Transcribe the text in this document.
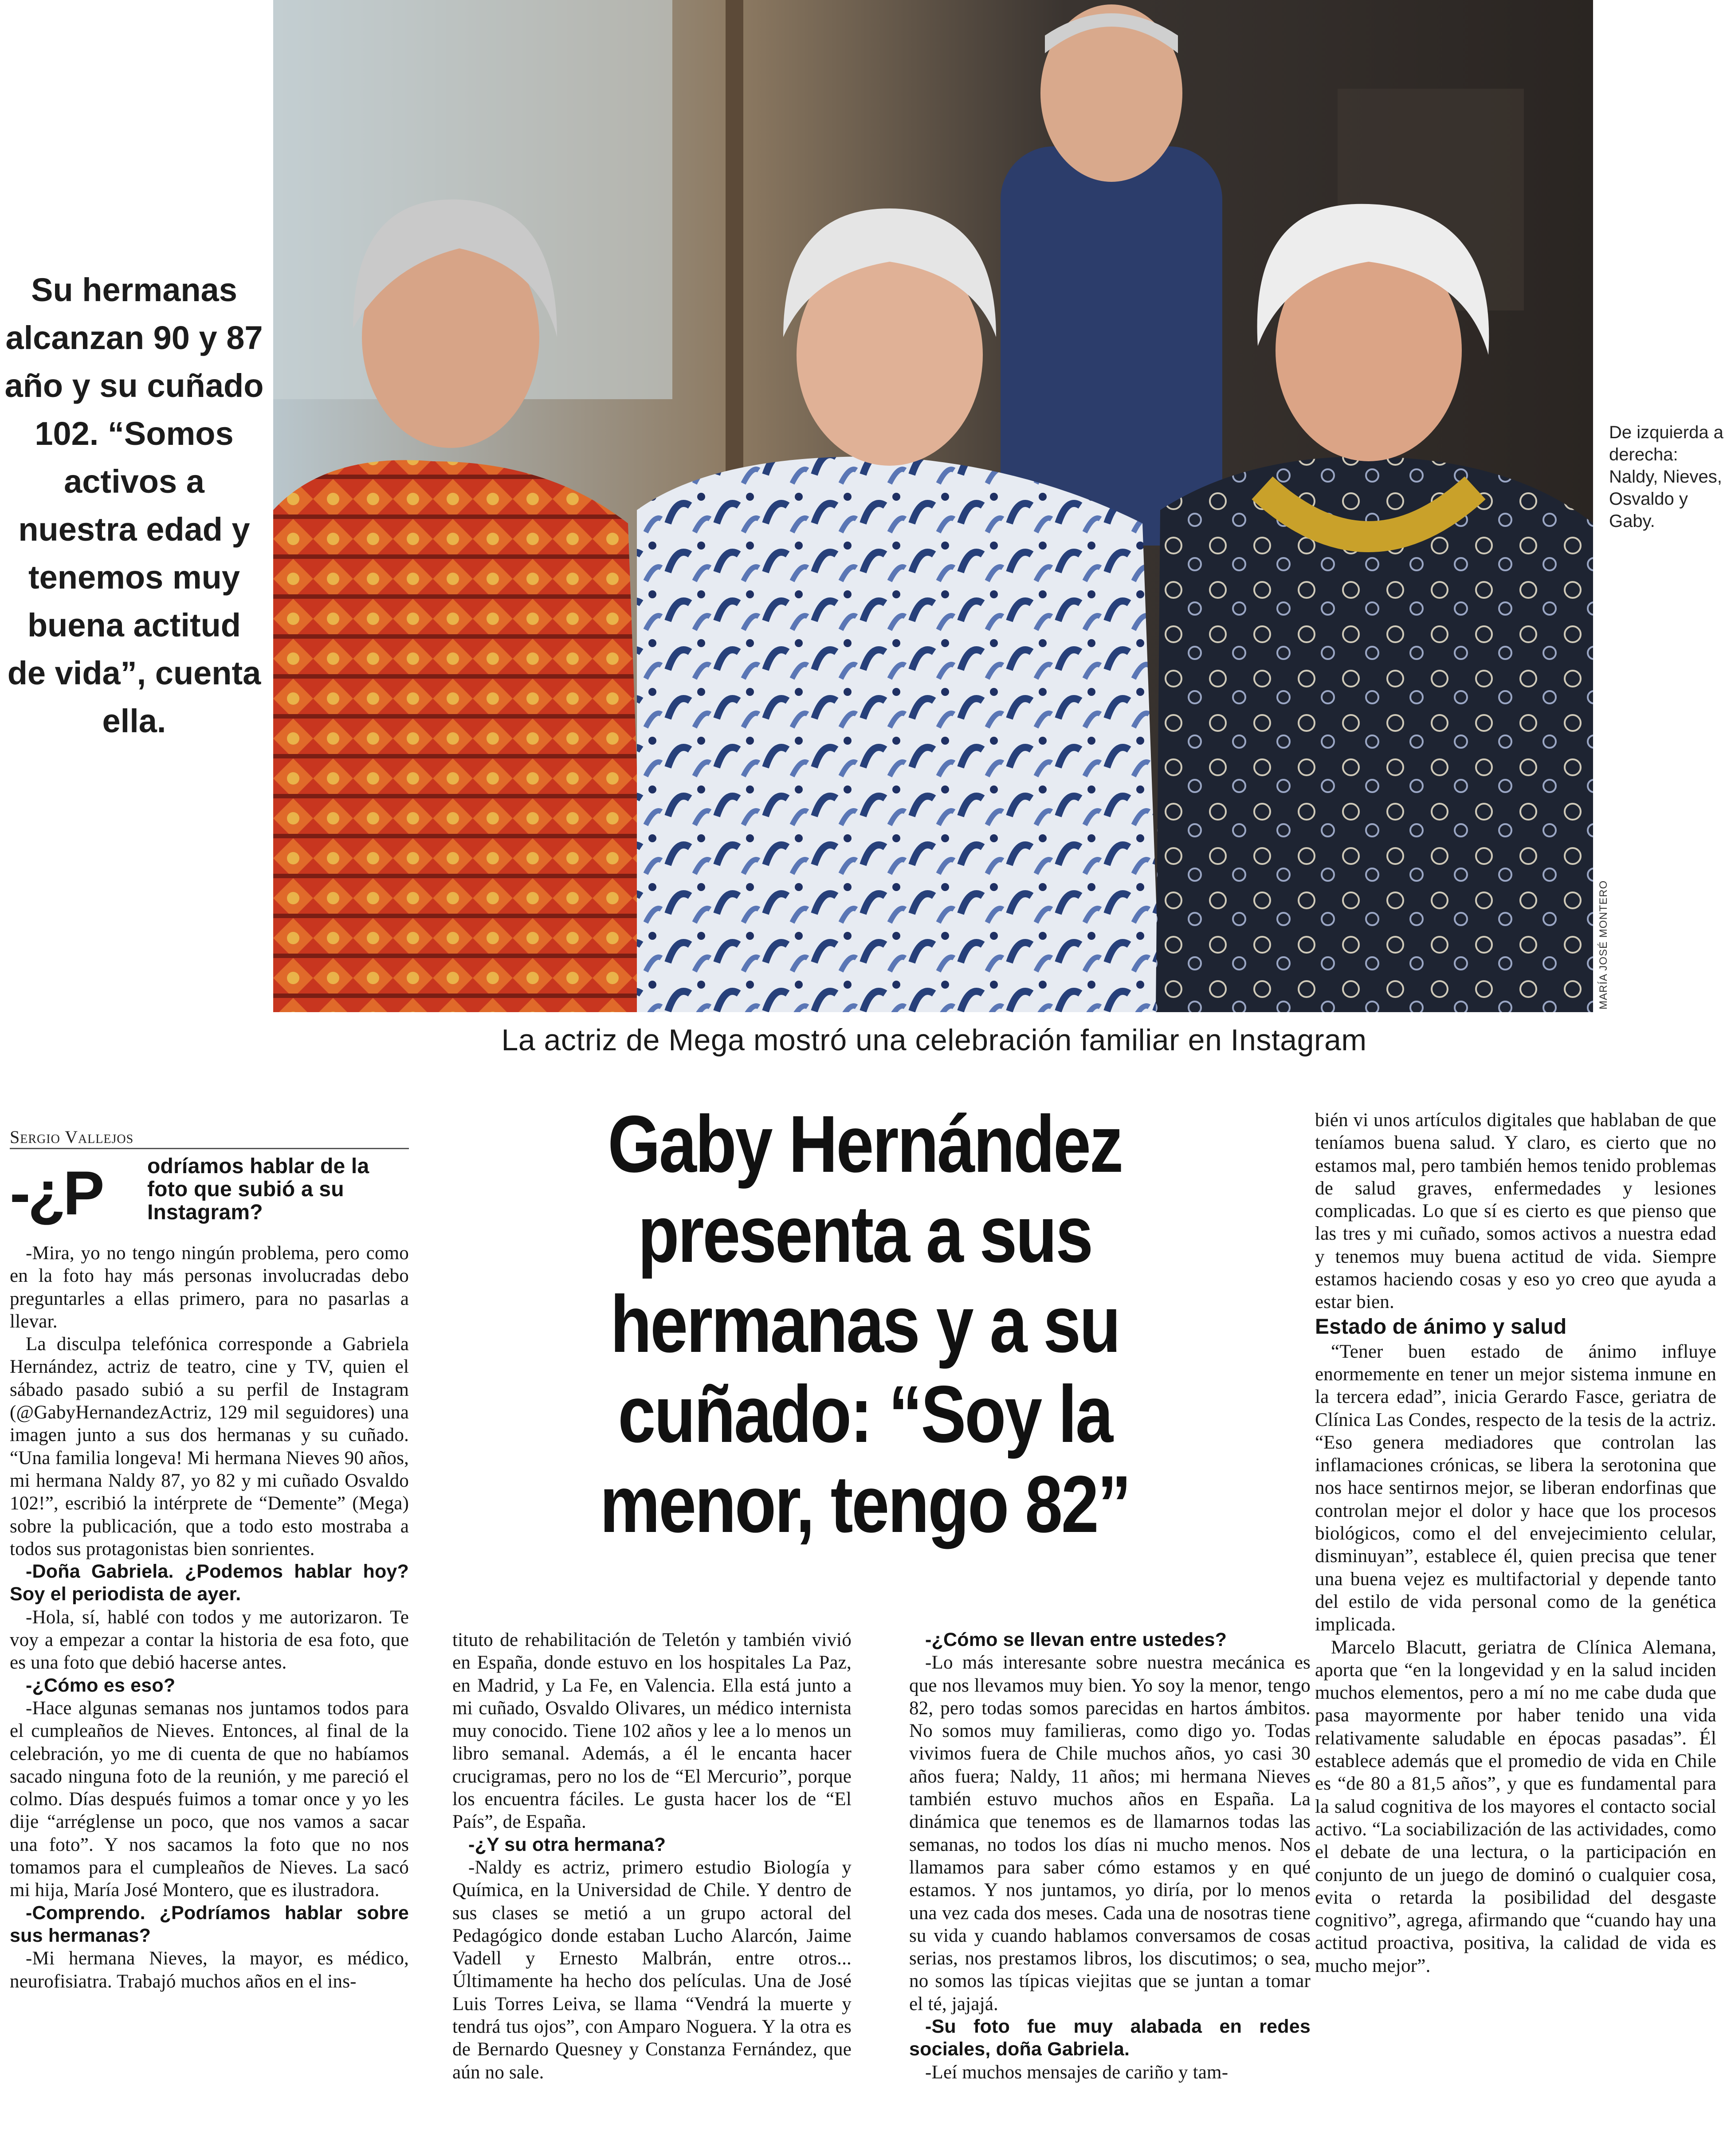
MARÍA JOSÉ MONTERO
Su hermanas alcanzan 90 y 87 año y su cuñado 102. “Somos activos a nuestra edad y tenemos muy buena actitud de vida”, cuenta ella.
De izquierda a derecha: Naldy, Nieves, Osvaldo y Gaby.
La actriz de Mega mostró una celebración familiar en Instagram
Sergio Vallejos	Gaby Hernández presenta a sus hermanas y a su cuñado: “Soy la menor, tengo 82”
-¿P odríamos hablar de la foto que subió a su Instagram?

-Mira, yo no tengo ningún problema, pero como en la foto hay más personas involucradas debo preguntarles a ellas primero, para no pasarlas a llevar.

La disculpa telefónica corresponde a Gabriela Hernández, actriz de teatro, cine y TV, quien el sábado pasado subió a su perfil de Instagram (@GabyHernandezActriz, 129 mil seguidores) una imagen junto a sus dos hermanas y su cuñado. “Una familia longeva! Mi hermana Nieves 90 años, mi hermana Naldy 87, yo 82 y mi cuñado Osvaldo 102!”, escribió la intérprete de “Demente” (Mega) sobre la publicación, que a todo esto mostraba a todos sus protagonistas bien sonrientes.

-Doña Gabriela. ¿Podemos hablar hoy? Soy el periodista de ayer.

-Hola, sí, hablé con todos y me autorizaron. Te voy a empezar a contar la historia de esa foto, que es una foto que debió hacerse antes.

-¿Cómo es eso?

-Hace algunas semanas nos juntamos todos para el cumpleaños de Nieves. Entonces, al final de la celebración, yo me di cuenta de que no habíamos sacado ninguna foto de la reunión, y me pareció el colmo. Días después fuimos a tomar once y yo les dije “arréglense un poco, que nos vamos a sacar una foto”. Y nos sacamos la foto que no nos tomamos para el cumpleaños de Nieves. La sacó mi hija, María José Montero, que es ilustradora.

-Comprendo. ¿Podríamos hablar sobre sus hermanas?

-Mi hermana Nieves, la mayor, es médico, neurofisiatra. Trabajó muchos años en el ins-

tituto de rehabilitación de Teletón y también vivió en España, donde estuvo en los hospitales La Paz, en Madrid, y La Fe, en Valencia. Ella está junto a mi cuñado, Osvaldo Olivares, un médico internista muy conocido. Tiene 102 años y lee a lo menos un libro semanal. Además, a él le encanta hacer crucigramas, pero no los de “El Mercurio”, porque los encuentra fáciles. Le gusta hacer los de “El País”, de España.

-¿Y su otra hermana?

-Naldy es actriz, primero estudio Biología y Química, en la Universidad de Chile. Y dentro de sus clases se metió a un grupo actoral del Pedagógico donde estaban Lucho Alarcón, Jaime Vadell y Ernesto Malbrán, entre otros... Últimamente ha hecho dos películas. Una de José Luis Torres Leiva, se llama “Vendrá la muerte y tendrá tus ojos”, con Amparo Noguera. Y la otra es de Bernardo Quesney y Constanza Fernández, que aún no sale.

-¿Cómo se llevan entre ustedes?

-Lo más interesante sobre nuestra mecánica es que nos llevamos muy bien. Yo soy la menor, tengo 82, pero todas somos parecidas en hartos ámbitos. No somos muy familieras, como digo yo. Todas vivimos fuera de Chile muchos años, yo casi 30 años fuera; Naldy, 11 años; mi hermana Nieves también estuvo muchos años en España. La dinámica que tenemos es de llamarnos todas las semanas, no todos los días ni mucho menos. Nos llamamos para saber cómo estamos y en qué estamos. Y nos juntamos, yo diría, por lo menos una vez cada dos meses. Cada una de nosotras tiene su vida y cuando hablamos conversamos de cosas serias, nos prestamos libros, los discutimos; o sea, no somos las típicas viejitas que se juntan a tomar el té, jajajá.

-Su foto fue muy alabada en redes sociales, doña Gabriela.

-Leí muchos mensajes de cariño y tam-

bién vi unos artículos digitales que hablaban de que teníamos buena salud. Y claro, es cierto que no estamos mal, pero también hemos tenido problemas de salud graves, enfermedades y lesiones complicadas. Lo que sí es cierto es que pienso que las tres y mi cuñado, somos activos a nuestra edad y tenemos muy buena actitud de vida. Siempre estamos haciendo cosas y eso yo creo que ayuda a estar bien.

Estado de ánimo y salud

“Tener buen estado de ánimo influye enormemente en tener un mejor sistema inmune en la tercera edad”, inicia Gerardo Fasce, geriatra de Clínica Las Condes, respecto de la tesis de la actriz. “Eso genera mediadores que controlan las inflamaciones crónicas, se libera la serotonina que nos hace sentirnos mejor, se liberan endorfinas que controlan mejor el dolor y hace que los procesos biológicos, como el del envejecimiento celular, disminuyan”, establece él, quien precisa que tener una buena vejez es multifactorial y depende tanto del estilo de vida personal como de la genética implicada.

Marcelo Blacutt, geriatra de Clínica Alemana, aporta que “en la longevidad y en la salud inciden muchos elementos, pero a mí no me cabe duda que pasa mayormente por haber tenido una vida relativamente saludable en épocas pasadas”. Él establece además que el promedio de vida en Chile es “de 80 a 81,5 años”, y que es fundamental para la salud cognitiva de los mayores el contacto social activo. “La sociabilización de las actividades, como el debate de una lectura, o la participación en conjunto de un juego de dominó o cualquier cosa, evita o retarda la posibilidad del desgaste cognitivo”, agrega, afirmando que “cuando hay una actitud proactiva, positiva, la calidad de vida es mucho mejor”.
